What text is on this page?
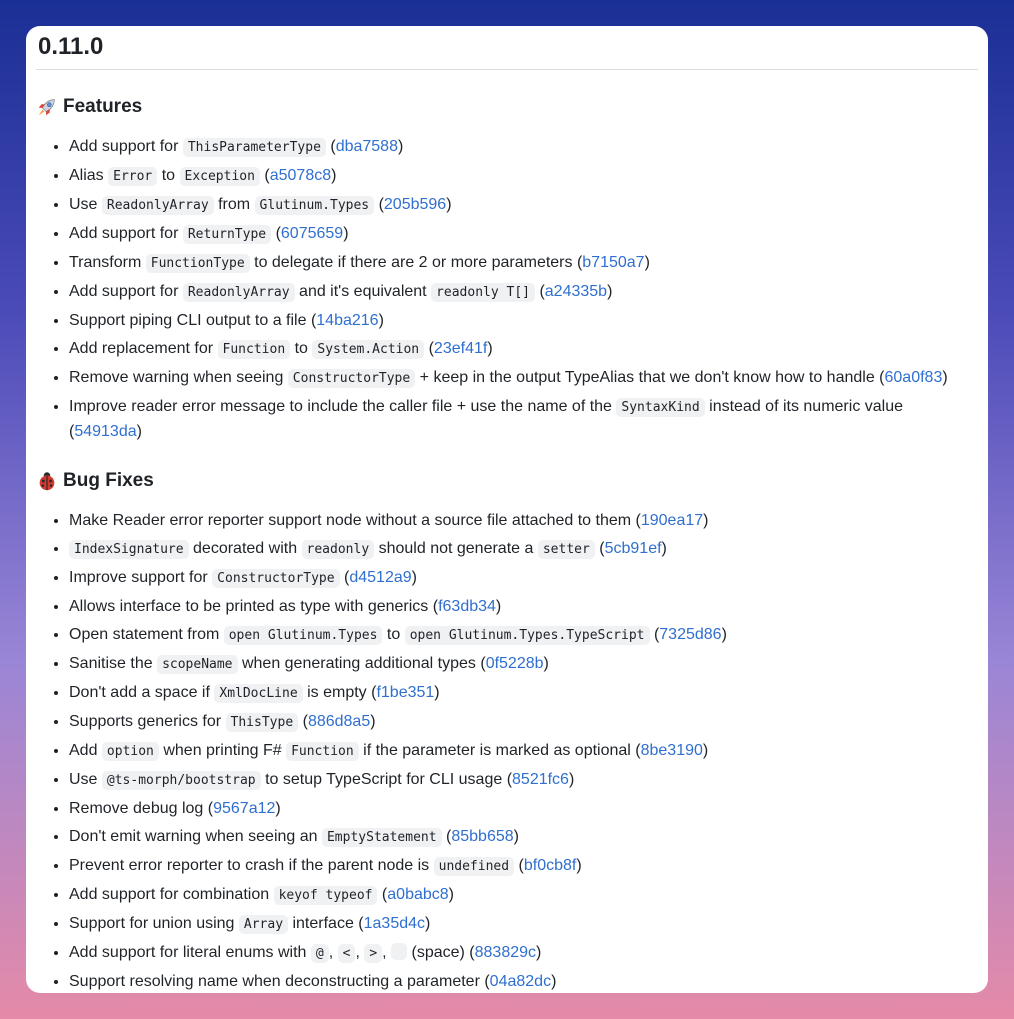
0.11.0
Features
• Add support for ThisParameterType (dba7588)
• Alias Error to Exception (a5078c8)
• Use ReadonlyArray from Glutinum.Types (205b596)
• Add support for ReturnType (6075659)
• Transform FunctionType to delegate if there are 2 or more parameters (b7150a7)
• Add support for ReadonlyArray and it's equivalent readonly T[] (a24335b)
• Support piping CLI output to a file (14ba216)
• Add replacement for Function to System.Action (23ef41f)
• Remove warning when seeing ConstructorType + keep in the output TypeAlias that we don't know how to handle (60a0f83)
• Improve reader error message to include the caller file + use the name of the SyntaxKind instead of its numeric value (54913da)
Bug Fixes
• Make Reader error reporter support node without a source file attached to them (190ea17)
• IndexSignature decorated with readonly should not generate a setter (5cb91ef)
• Improve support for ConstructorType (d4512a9)
• Allows interface to be printed as type with generics (f63db34)
• Open statement from open Glutinum.Types to open Glutinum.Types.TypeScript (7325d86)
• Sanitise the scopeName when generating additional types (0f5228b)
• Don't add a space if XmlDocLine is empty (f1be351)
• Supports generics for ThisType (886d8a5)
• Add option when printing F# Function if the parameter is marked as optional (8be3190)
• Use @ts-morph/bootstrap to setup TypeScript for CLI usage (8521fc6)
• Remove debug log (9567a12)
• Don't emit warning when seeing an EmptyStatement (85bb658)
• Prevent error reporter to crash if the parent node is undefined (bf0cb8f)
• Add support for combination keyof typeof (a0babc8)
• Support for union using Array interface (1a35d4c)
• Add support for literal enums with @ , < , > ,  (space) (883829c)
• Support resolving name when deconstructing a parameter (04a82dc)
